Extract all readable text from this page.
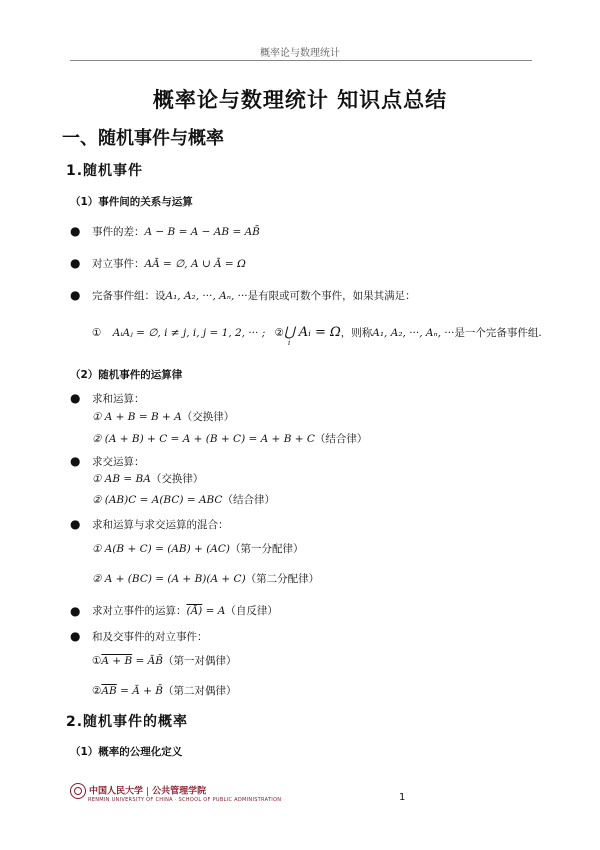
概率论与数理统计
概率论与数理统计 知识点总结
一、随机事件与概率
1.随机事件
（1）事件间的关系与运算
● 事件的差：A − B = A − AB = AB̄
● 对立事件：AĀ = ∅, A ∪ Ā = Ω
● 完备事件组：设A₁, A₂, ···, Aₙ, ···是有限或可数个事件，如果其满足：
① AᵢAⱼ = ∅, i ≠ j, i, j = 1, 2, ··· ; ②⋃ Aᵢ = Ω
i
，则称A₁, A₂, ···, Aₙ, ···是一个完备事件组.
（2）随机事件的运算律
● 求和运算：
① A + B = B + A（交换律）
② (A + B) + C = A + (B + C) = A + B + C（结合律）
● 求交运算：
① AB = BA（交换律）
② (AB)C = A(BC) = ABC（结合律）
● 求和运算与求交运算的混合：
① A(B + C) = (AB) + (AC)（第一分配律）
② A + (BC) = (A + B)(A + C)（第二分配律）
● 求对立事件的运算：(Ā) = A（自反律）
● 和及交事件的对立事件：
①A + B = ĀB̄（第一对偶律）
$②\overline{AB}$ = Ā + B̄（第二对偶律）
2.随机事件的概率
（1）概率的公理化定义
中国人民大学 | 公共管理学院
RENMIN UNIVERSITY OF CHINA · SCHOOL OF PUBLIC ADMINISTRATION	1
